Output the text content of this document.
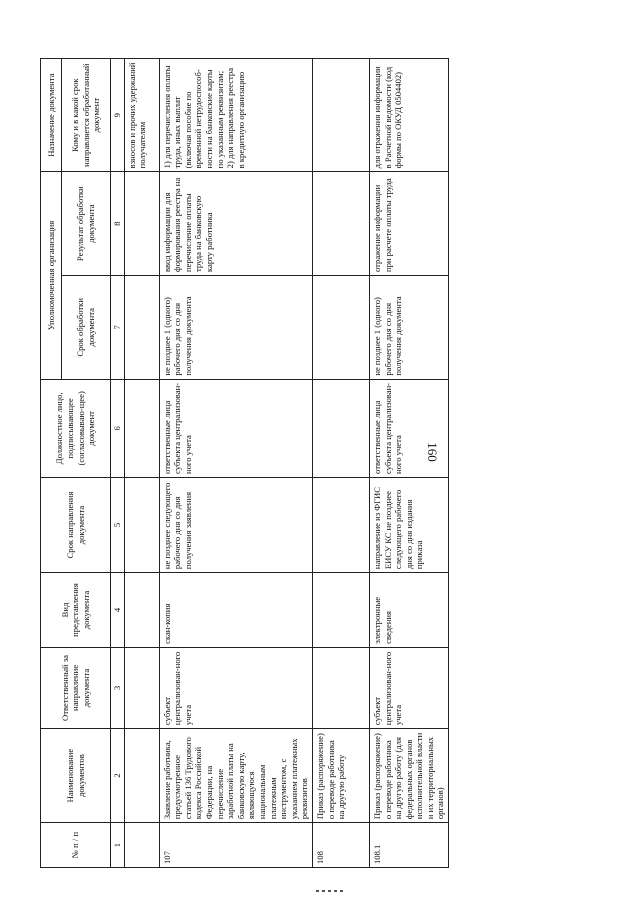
160
№ п / п	Наименование документов	Ответственный за направление документа	Вид представления документа	Срок направления документа	Должностное лицо, подписывающее (согласовываю-щее) документ	Уполномоченная организация		Назначение документа
						Срок обработки документа	Результат обработки документа	Кому и в какой срок направляется обработанный документ
1	2	3	4	5	6	7	8	9
								взносов и прочих удержаний получателям
107	Заявление работника, предусмотренное статьей 136 Трудового кодекса Российской Федерации, на перечисление заработной платы на банковскую карту, являющуюся национальным платежным инструментом, с указанием платежных реквизитов	субъект централизован-ного учета	скан-копия	не позднее следующего рабочего дня со дня получения заявления	ответственные лица субъекта централизован-ного учета	не позднее 1 (одного) рабочего дня со дня получения документа	ввод информации для формирования реестра на перечисление оплаты труда на банковскую карту работника	1) для перечисления оплаты труда, иных выплат (включая пособие по временной нетрудоспособ-ности на банковские карты по указанным реквизитам; 2) для направления реестра в кредитную организацию
108	Приказ (распоряжение) о переводе работника на другую работу							
108.1	Приказ (распоряжение) о переводе работника на другую работу (для федеральных органов исполнительной власти и их территориальных органов)	субъект централизован-ного учета	электронные сведения	направление из ФГИС ЕИСУ КС не позднее следующего рабочего дня со дня издания приказа	ответственные лица субъекта централизован-ного учета	не позднее 1 (одного) рабочего дня со дня получения документа	отражение информации при расчете оплаты труда	для отражения информации в Расчетной ведомости (код формы по ОКУД 0504402)
